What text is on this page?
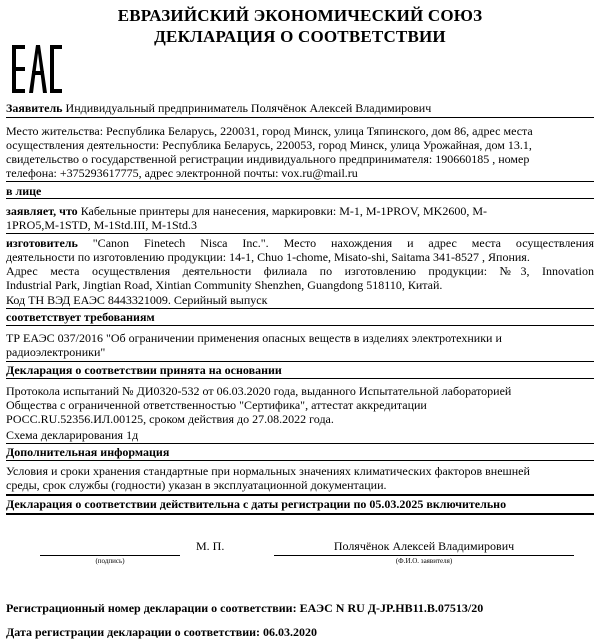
ЕВРАЗИЙСКИЙ ЭКОНОМИЧЕСКИЙ СОЮЗ
ДЕКЛАРАЦИЯ О СООТВЕТСТВИИ
Заявитель Индивидуальный предприниматель Полячёнок Алексей Владимирович
Место жительства: Республика Беларусь, 220031, город Минск, улица Тяпинского, дом 86, адрес места
осуществления деятельности: Республика Беларусь, 220053, город Минск, улица Урожайная, дом 13.1,
свидетельство о государственной регистрации индивидуального предпринимателя: 190660185 , номер
телефона: +375293617775, адрес электронной почты: vox.ru@mail.ru
в лице
заявляет, что Кабельные принтеры для нанесения, маркировки: M-1, M-1PROV, MK2600, M-
1PRO5,M-1STD, M-1Std.III, M-1Std.3
изготовитель "Canon Finetech Nisca Inc.". Место нахождения и адрес места осуществления
деятельности по изготовлению продукции: 14-1, Chuo 1-chome, Misato-shi, Saitama 341-8527 , Япония.
Адрес места осуществления деятельности филиала по изготовлению продукции: №3, Innovation
Industrial Park, Jingtian Road, Xintian Community Shenzhen, Guangdong 518110, Китай.
Код ТН ВЭД ЕАЭС 8443321009. Серийный выпуск
соответствует требованиям
ТР ЕАЭС 037/2016 "Об ограничении применения опасных веществ в изделиях электротехники и
радиоэлектроники"
Декларация о соответствии принята на основании
Протокола испытаний № ДИ0320-532 от 06.03.2020 года, выданного Испытательной лабораторией
Общества с ограниченной ответственностью "Сертифика", аттестат аккредитации
РОСС.RU.52356.ИЛ.00125, сроком действия до 27.08.2022 года.
Схема декларирования 1д
Дополнительная информация
Условия и сроки хранения стандартные при нормальных значениях климатических факторов внешней
среды, срок службы (годности) указан в эксплуатационной документации.
Декларация о соответствии действительна с даты регистрации по 05.03.2025 включительно
(подпись)
М. П.	Полячёнок Алексей Владимирович
(Ф.И.О. заявителя)
Регистрационный номер декларации о соответствии: ЕАЭС N RU Д-JP.НВ11.В.07513/20
Дата регистрации декларации о соответствии: 06.03.2020
